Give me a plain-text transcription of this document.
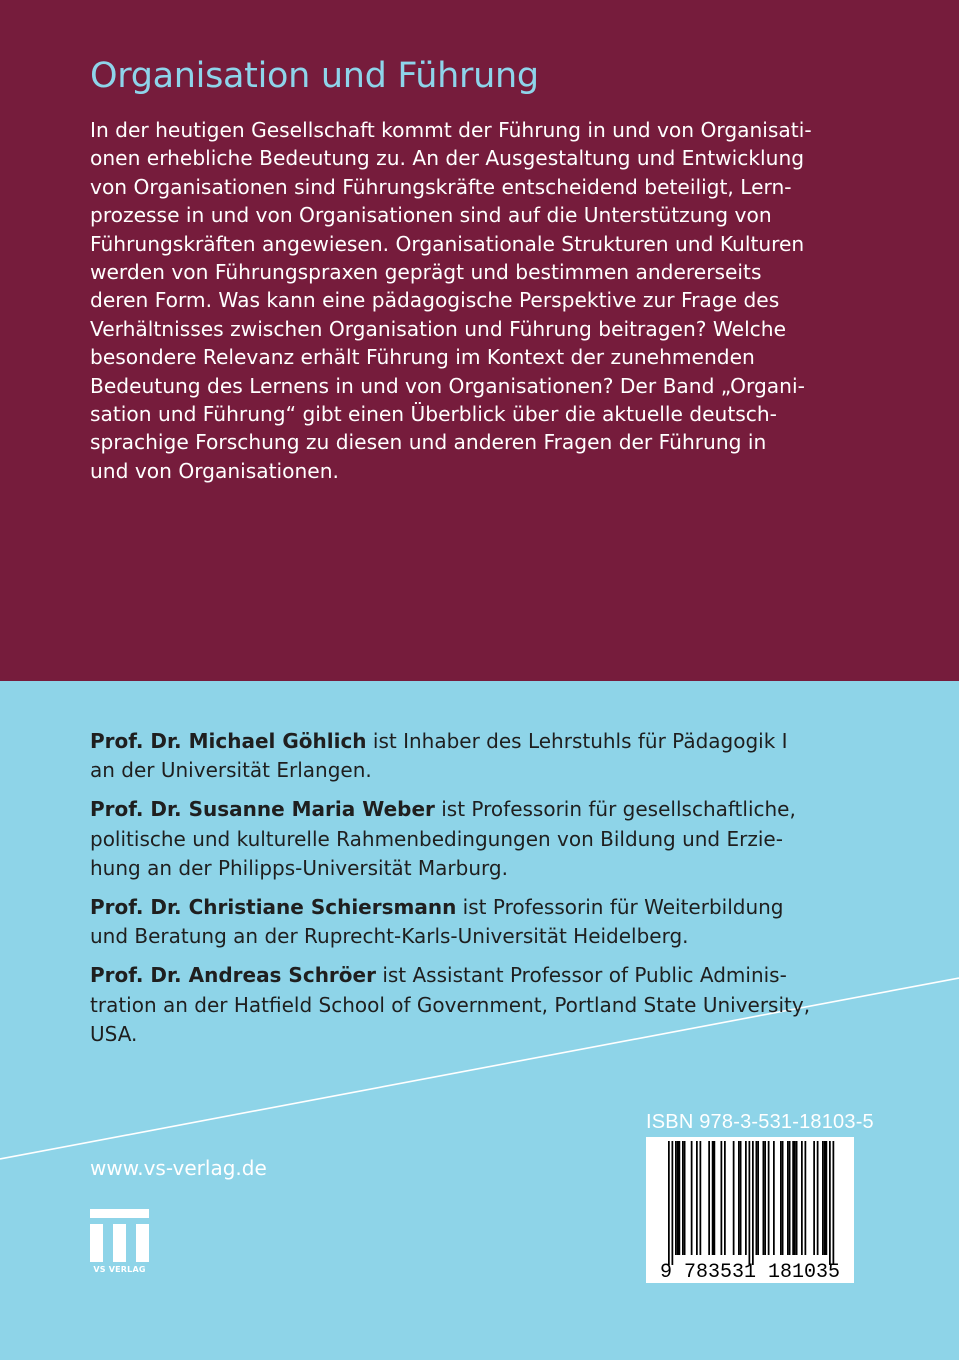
Organisation und Führung
In der heutigen Gesellschaft kommt der Führung in und von Organisati-
onen erhebliche Bedeutung zu. An der Ausgestaltung und Entwicklung
von Organisationen sind Führungskräfte entscheidend beteiligt, Lern-
prozesse in und von Organisationen sind auf die Unterstützung von
Führungskräften angewiesen. Organisationale Strukturen und Kulturen
werden von Führungspraxen geprägt und bestimmen andererseits
deren Form. Was kann eine pädagogische Perspektive zur Frage des
Verhältnisses zwischen Organisation und Führung beitragen? Welche
besondere Relevanz erhält Führung im Kontext der zunehmenden
Bedeutung des Lernens in und von Organisationen? Der Band „Organi-
sation und Führung“ gibt einen Überblick über die aktuelle deutsch-
sprachige Forschung zu diesen und anderen Fragen der Führung in
und von Organisationen.

Prof. Dr. Michael Göhlich ist Inhaber des Lehrstuhls für Pädagogik I
an der Universität Erlangen.

Prof. Dr. Susanne Maria Weber ist Professorin für gesellschaftliche,
politische und kulturelle Rahmenbedingungen von Bildung und Erzie-
hung an der Philipps-Universität Marburg.

Prof. Dr. Christiane Schiersmann ist Professorin für Weiterbildung
und Beratung an der Ruprecht-Karls-Universität Heidelberg.

Prof. Dr. Andreas Schröer ist Assistant Professor of Public Adminis-
tration an der Hatfield School of Government, Portland State University,
USA.

www.vs-verlag.de
VS VERLAG
ISBN 978-3-531-18103-5
9 783531 181035
